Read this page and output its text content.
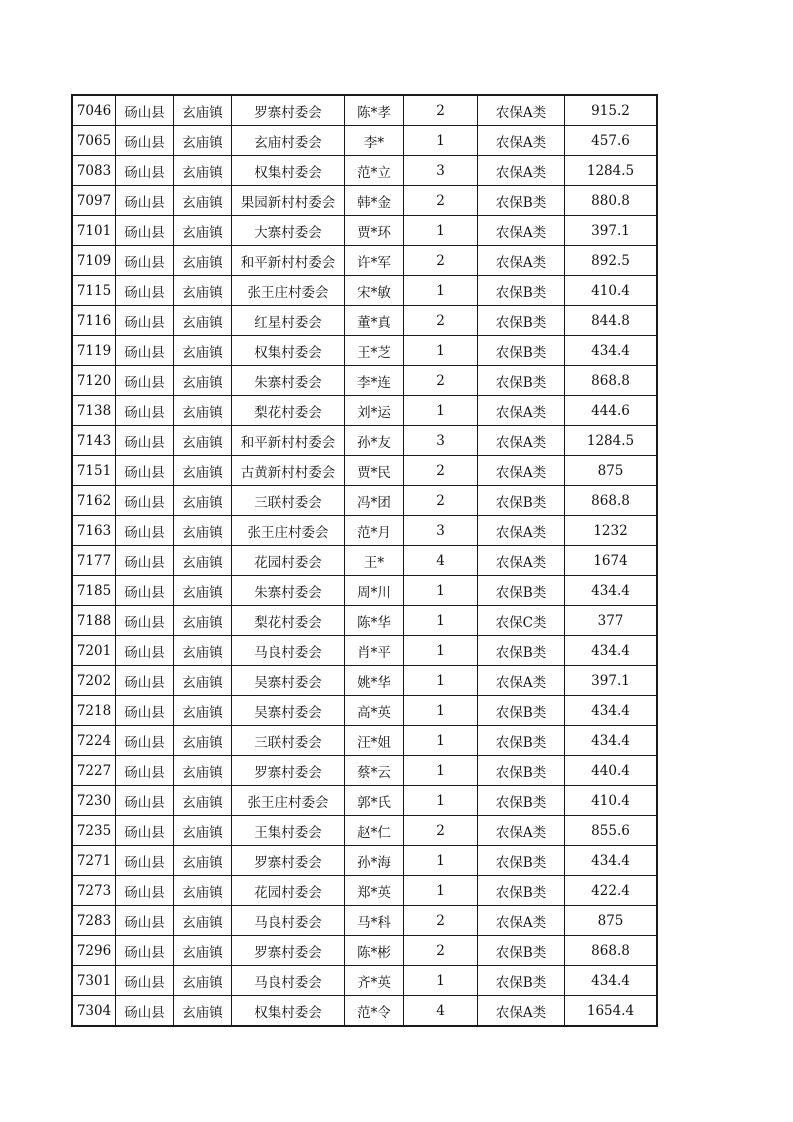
7046	砀山县	玄庙镇	罗寨村委会	陈*孝	2	农保A类	915.2
7065	砀山县	玄庙镇	玄庙村委会	李*	1	农保A类	457.6
7083	砀山县	玄庙镇	权集村委会	范*立	3	农保A类	1284.5
7097	砀山县	玄庙镇	果园新村村委会	韩*金	2	农保B类	880.8
7101	砀山县	玄庙镇	大寨村委会	贾*环	1	农保A类	397.1
7109	砀山县	玄庙镇	和平新村村委会	许*军	2	农保A类	892.5
7115	砀山县	玄庙镇	张王庄村委会	宋*敏	1	农保B类	410.4
7116	砀山县	玄庙镇	红星村委会	董*真	2	农保B类	844.8
7119	砀山县	玄庙镇	权集村委会	王*芝	1	农保B类	434.4
7120	砀山县	玄庙镇	朱寨村委会	李*连	2	农保B类	868.8
7138	砀山县	玄庙镇	梨花村委会	刘*运	1	农保A类	444.6
7143	砀山县	玄庙镇	和平新村村委会	孙*友	3	农保A类	1284.5
7151	砀山县	玄庙镇	古黄新村村委会	贾*民	2	农保A类	875
7162	砀山县	玄庙镇	三联村委会	冯*团	2	农保B类	868.8
7163	砀山县	玄庙镇	张王庄村委会	范*月	3	农保A类	1232
7177	砀山县	玄庙镇	花园村委会	王*	4	农保A类	1674
7185	砀山县	玄庙镇	朱寨村委会	周*川	1	农保B类	434.4
7188	砀山县	玄庙镇	梨花村委会	陈*华	1	农保C类	377
7201	砀山县	玄庙镇	马良村委会	肖*平	1	农保B类	434.4
7202	砀山县	玄庙镇	吴寨村委会	姚*华	1	农保A类	397.1
7218	砀山县	玄庙镇	吴寨村委会	高*英	1	农保B类	434.4
7224	砀山县	玄庙镇	三联村委会	汪*姐	1	农保B类	434.4
7227	砀山县	玄庙镇	罗寨村委会	蔡*云	1	农保B类	440.4
7230	砀山县	玄庙镇	张王庄村委会	郭*氏	1	农保B类	410.4
7235	砀山县	玄庙镇	王集村委会	赵*仁	2	农保A类	855.6
7271	砀山县	玄庙镇	罗寨村委会	孙*海	1	农保B类	434.4
7273	砀山县	玄庙镇	花园村委会	郑*英	1	农保B类	422.4
7283	砀山县	玄庙镇	马良村委会	马*科	2	农保A类	875
7296	砀山县	玄庙镇	罗寨村委会	陈*彬	2	农保B类	868.8
7301	砀山县	玄庙镇	马良村委会	齐*英	1	农保B类	434.4
7304	砀山县	玄庙镇	权集村委会	范*令	4	农保A类	1654.4
